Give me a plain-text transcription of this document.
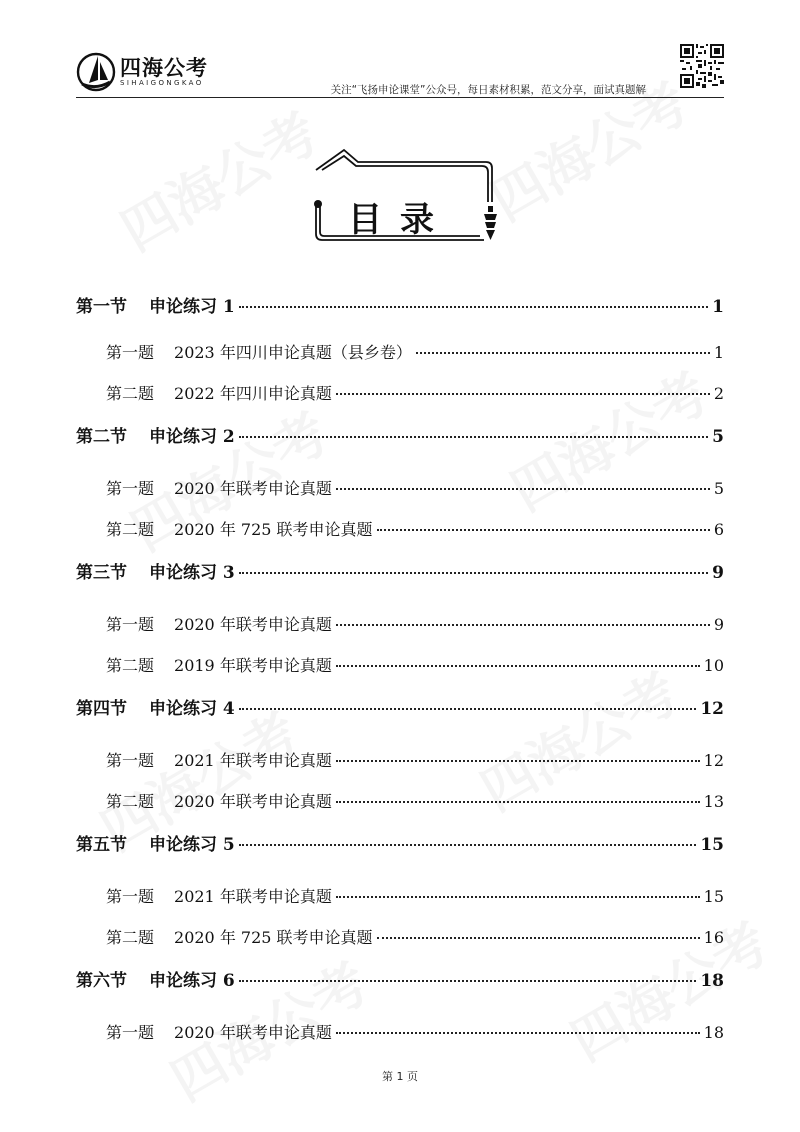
四海公考
SIHAIGONGKAO
关注“飞扬申论课堂”公众号，每日素材积累，范文分享，面试真题解
目录
第一节 申论练习 1	1
第一题 2023 年四川申论真题（县乡卷）	1
第二题 2022 年四川申论真题	2
第二节 申论练习 2	5
第一题 2020 年联考申论真题	5
第二题 2020 年 725 联考申论真题	6
第三节 申论练习 3	9
第一题 2020 年联考申论真题	9
第二题 2019 年联考申论真题	10
第四节 申论练习 4	12
第一题 2021 年联考申论真题	12
第二题 2020 年联考申论真题	13
第五节 申论练习 5	15
第一题 2021 年联考申论真题	15
第二题 2020 年 725 联考申论真题	16
第六节 申论练习 6	18
第一题 2020 年联考申论真题	18
第 1 页
